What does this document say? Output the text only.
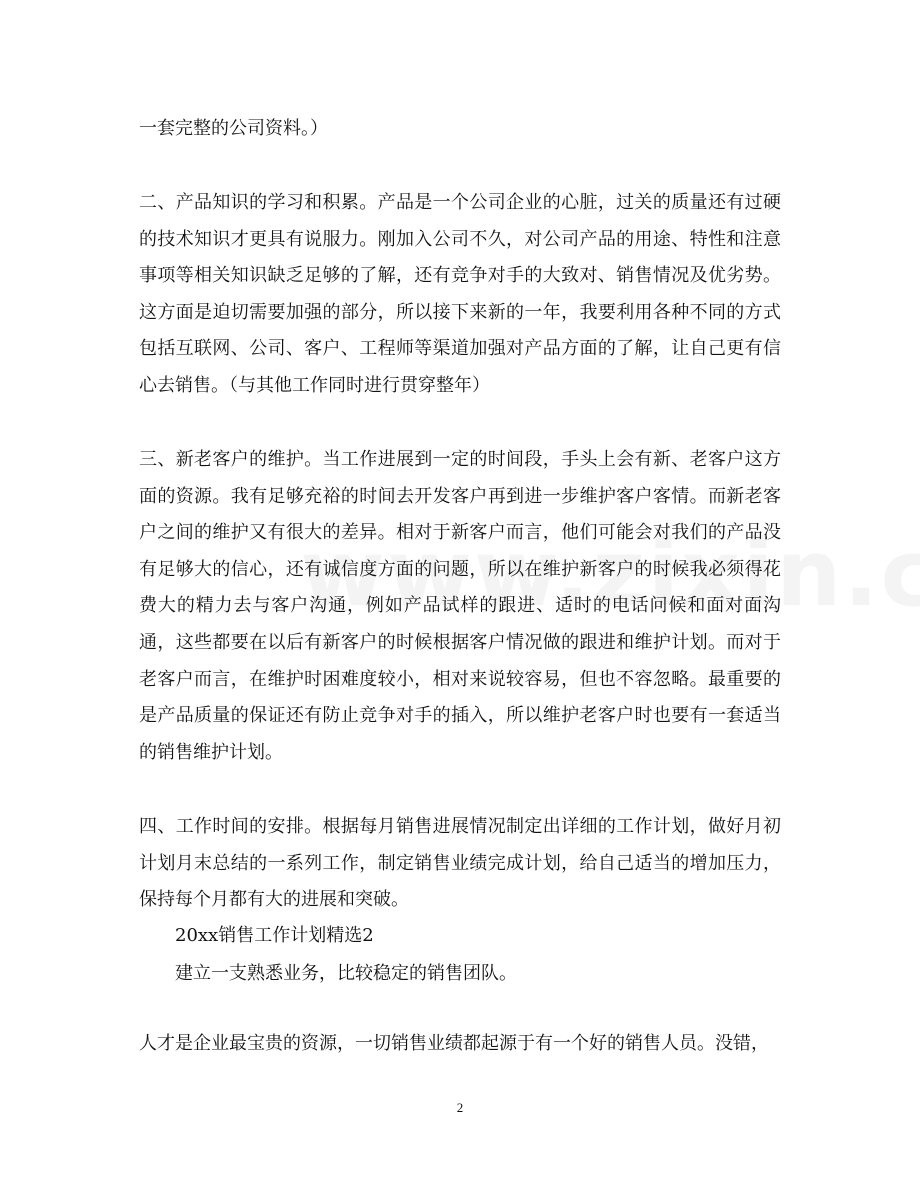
一套完整的公司资料。）

二、产品知识的学习和积累。产品是一个公司企业的心脏，过关的质量还有过硬的技术知识才更具有说服力。刚加入公司不久，对公司产品的用途、特性和注意事项等相关知识缺乏足够的了解，还有竞争对手的大致对、销售情况及优劣势。这方面是迫切需要加强的部分，所以接下来新的一年，我要利用各种不同的方式包括互联网、公司、客户、工程师等渠道加强对产品方面的了解，让自己更有信心去销售。（与其他工作同时进行贯穿整年）

三、新老客户的维护。当工作进展到一定的时间段，手头上会有新、老客户这方面的资源。我有足够充裕的时间去开发客户再到进一步维护客户客情。而新老客户之间的维护又有很大的差异。相对于新客户而言，他们可能会对我们的产品没有足够大的信心，还有诚信度方面的问题，所以在维护新客户的时候我必须得花费大的精力去与客户沟通，例如产品试样的跟进、适时的电话问候和面对面沟通，这些都要在以后有新客户的时候根据客户情况做的跟进和维护计划。而对于老客户而言，在维护时困难度较小，相对来说较容易，但也不容忽略。最重要的是产品质量的保证还有防止竞争对手的插入，所以维护老客户时也要有一套适当的销售维护计划。

四、工作时间的安排。根据每月销售进展情况制定出详细的工作计划，做好月初计划月末总结的一系列工作，制定销售业绩完成计划，给自己适当的增加压力，保持每个月都有大的进展和突破。

20xx销售工作计划精选2

建立一支熟悉业务，比较稳定的销售团队。

人才是企业最宝贵的资源，一切销售业绩都起源于有一个好的销售人员。没错，

2
